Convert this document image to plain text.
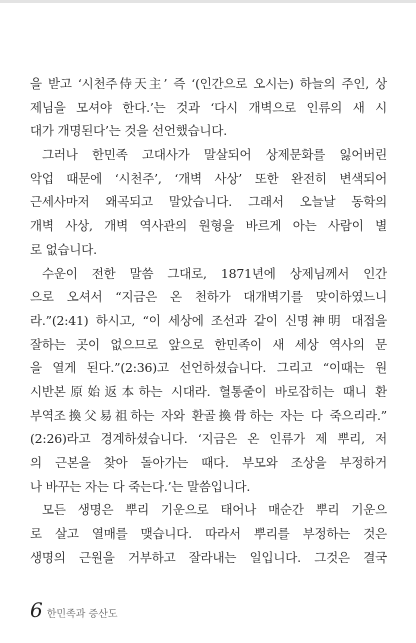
을 받고 ‘시천주侍天主’ 즉 ‘(인간으로 오시는) 하늘의 주인, 상
제님을 모셔야 한다.’는 것과 ‘다시 개벽으로 인류의 새 시
대가 개명된다’는 것을 선언했습니다.
그러나 한민족 고대사가 말살되어 상제문화를 잃어버린
악업 때문에 ‘시천주’, ‘개벽 사상’ 또한 완전히 변색되어
근세사마저 왜곡되고 말았습니다. 그래서 오늘날 동학의
개벽 사상, 개벽 역사관의 원형을 바르게 아는 사람이 별
로 없습니다.
수운이 전한 말씀 그대로, 1871년에 상제님께서 인간
으로 오셔서 “지금은 온 천하가 대개벽기를 맞이하였느니
라.”(2:41) 하시고, “이 세상에 조선과 같이 신명神明 대접을
잘하는 곳이 없으므로 앞으로 한민족이 새 세상 역사의 문
을 열게 된다.”(2:36)고 선언하셨습니다. 그리고 “이때는 원
시반본原始返本하는 시대라. 혈통줄이 바로잡히는 때니 환
부역조換父易祖하는 자와 환골換骨하는 자는 다 죽으리라.”
(2:26)라고 경계하셨습니다. ‘지금은 온 인류가 제 뿌리, 저
의 근본을 찾아 돌아가는 때다. 부모와 조상을 부정하거
나 바꾸는 자는 다 죽는다.’는 말씀입니다.
모든 생명은 뿌리 기운으로 태어나 매순간 뿌리 기운으
로 살고 열매를 맺습니다. 따라서 뿌리를 부정하는 것은
생명의 근원을 거부하고 잘라내는 일입니다. 그것은 결국
6 한민족과 증산도
